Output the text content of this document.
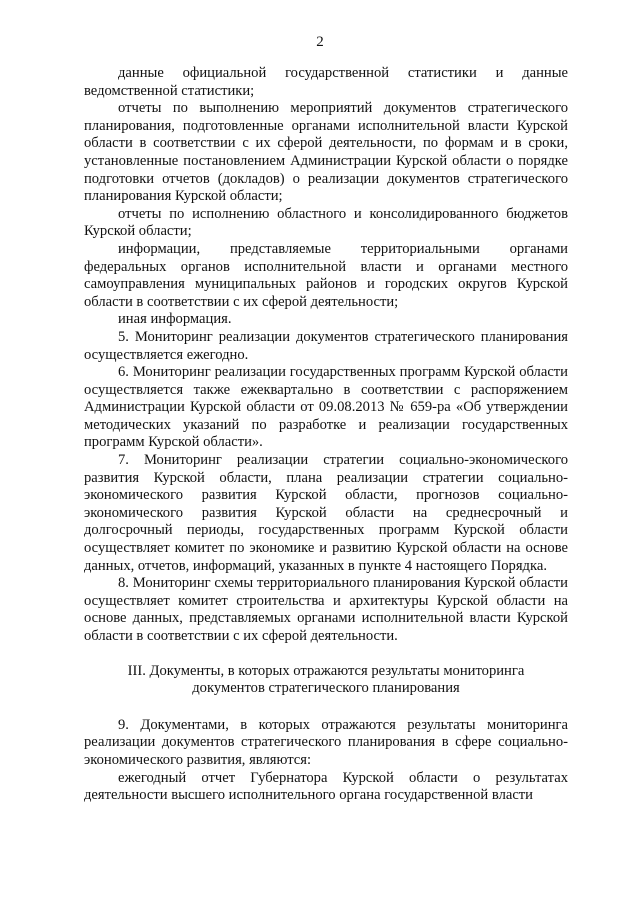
2

данные официальной государственной статистики и данные ведомственной статистики;

отчеты по выполнению мероприятий документов стратегического планирования, подготовленные органами исполнительной власти Курской области в соответствии с их сферой деятельности, по формам и в сроки, установленные постановлением Администрации Курской области о порядке подготовки отчетов (докладов) о реализации документов стратегического планирования Курской области;

отчеты по исполнению областного и консолидированного бюджетов Курской области;

информации, представляемые территориальными органами федеральных органов исполнительной власти и органами местного самоуправления муниципальных районов и городских округов Курской области в соответствии с их сферой деятельности;

иная информация.

5. Мониторинг реализации документов стратегического планирования осуществляется ежегодно.

6. Мониторинг реализации государственных программ Курской области осуществляется также ежеквартально в соответствии с распоряжением Администрации Курской области от 09.08.2013 № 659-ра «Об утверждении методических указаний по разработке и реализации государственных программ Курской области».

7. Мониторинг реализации стратегии социально-экономического развития Курской области, плана реализации стратегии социально-экономического развития Курской области, прогнозов социально-экономического развития Курской области на среднесрочный и долгосрочный периоды, государственных программ Курской области осуществляет комитет по экономике и развитию Курской области на основе данных, отчетов, информаций, указанных в пункте 4 настоящего Порядка.

8. Мониторинг схемы территориального планирования Курской области осуществляет комитет строительства и архитектуры Курской области на основе данных, представляемых органами исполнительной власти Курской области в соответствии с их сферой деятельности.

III. Документы, в которых отражаются результаты мониторинга
документов стратегического планирования

9. Документами, в которых отражаются результаты мониторинга реализации документов стратегического планирования в сфере социально-экономического развития, являются:

ежегодный отчет Губернатора Курской области о результатах деятельности высшего исполнительного органа государственной власти
